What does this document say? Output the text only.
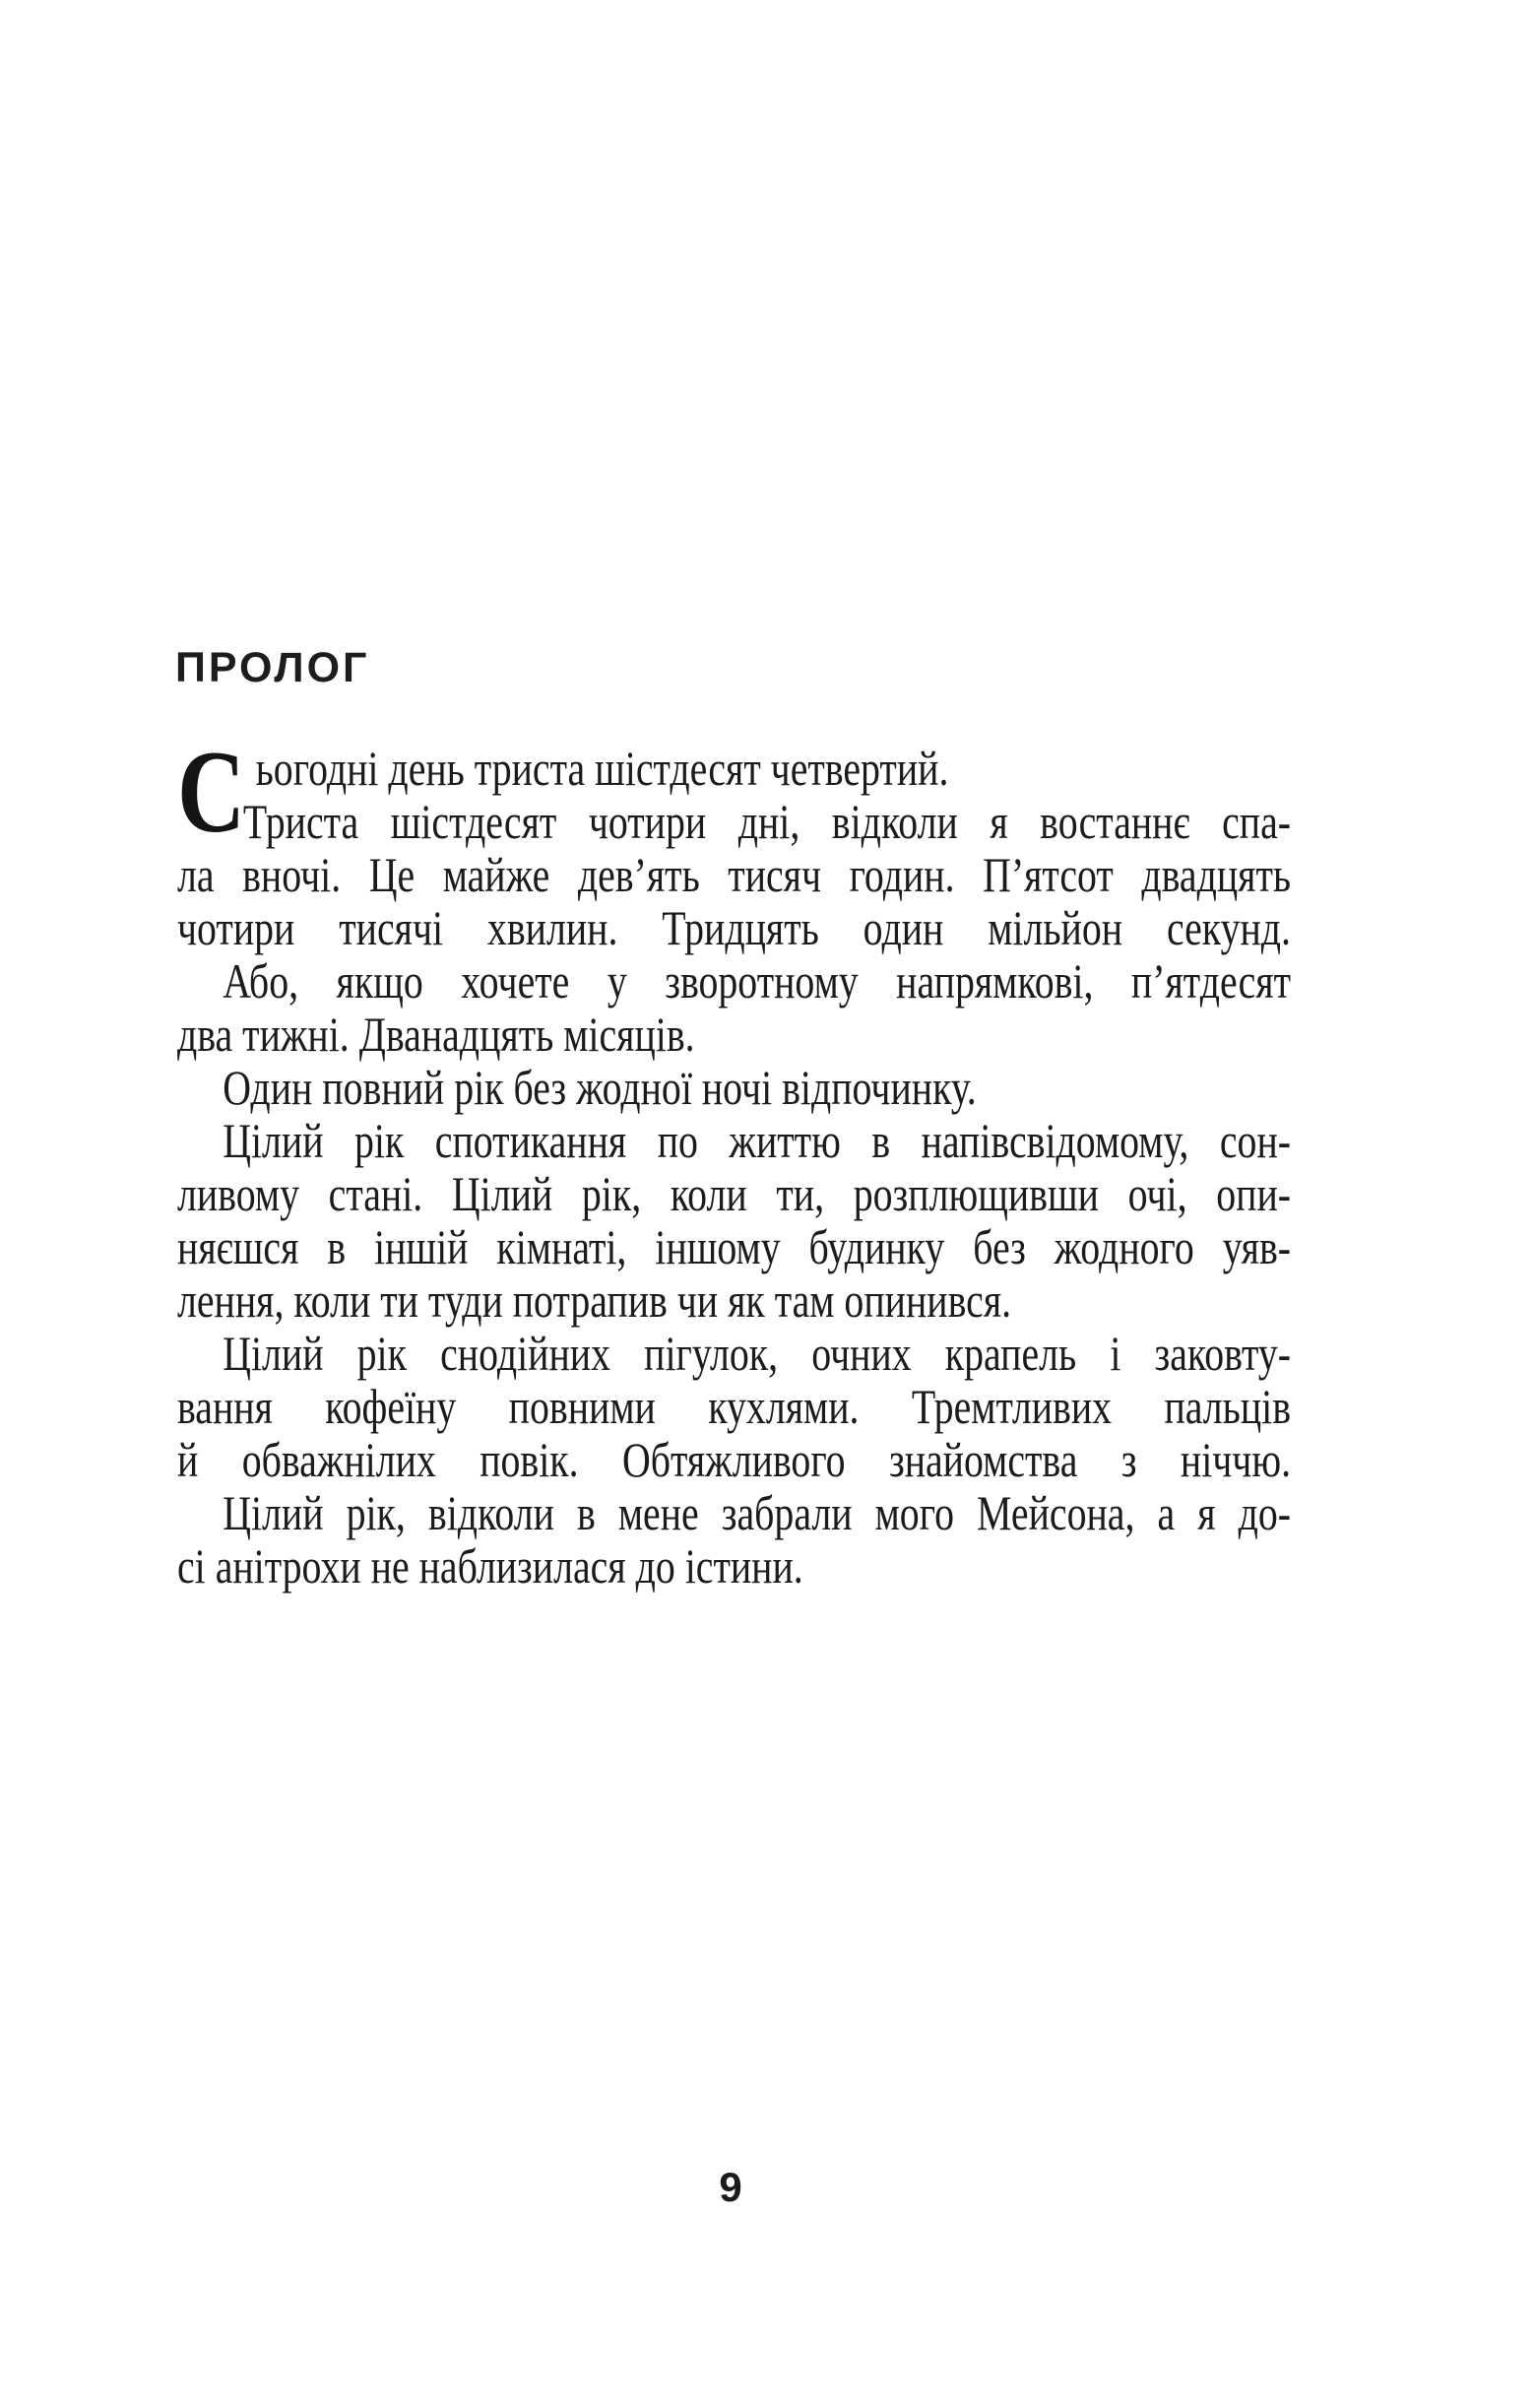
ПРОЛОГ
С ьогодні день триста шістдесят четвертий.
Триста шістдесят чотири дні, відколи я востаннє спа-
ла вночі. Це майже дев’ять тисяч годин. П’ятсот двадцять
чотири тисячі хвилин. Тридцять один мільйон секунд.
Або, якщо хочете у зворотному напрямкові, п’ятдесят
два тижні. Дванадцять місяців.
Один повний рік без жодної ночі відпочинку.
Цілий рік спотикання по життю в напівсвідомому, сон-
ливому стані. Цілий рік, коли ти, розплющивши очі, опи-
няєшся в іншій кімнаті, іншому будинку без жодного уяв-
лення, коли ти туди потрапив чи як там опинився.
Цілий рік снодійних пігулок, очних крапель і заковту-
вання кофеїну повними кухлями. Тремтливих пальців
й обважнілих повік. Обтяжливого знайомства з ніччю.
Цілий рік, відколи в мене забрали мого Мейсона, а я до-
сі анітрохи не наблизилася до істини.
9
